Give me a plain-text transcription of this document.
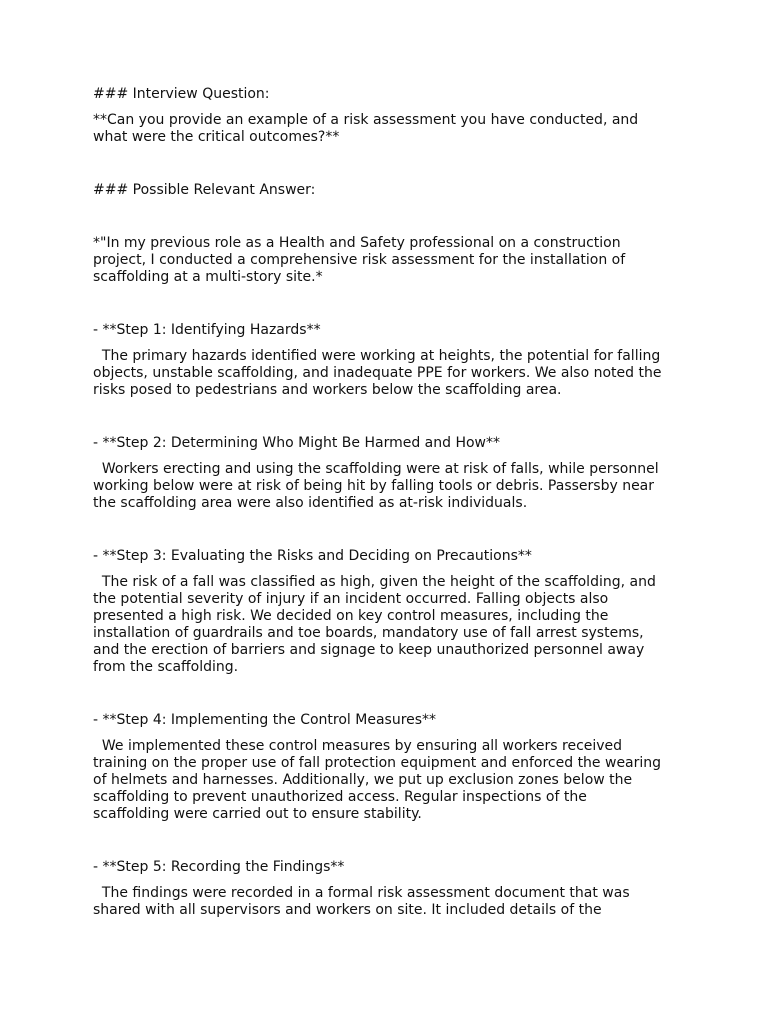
### Interview Question:
**Can you provide an example of a risk assessment you have conducted, and
what were the critical outcomes?**
### Possible Relevant Answer:
*"In my previous role as a Health and Safety professional on a construction
project, I conducted a comprehensive risk assessment for the installation of
scaffolding at a multi-story site.*
- **Step 1: Identifying Hazards**
The primary hazards identified were working at heights, the potential for falling
objects, unstable scaffolding, and inadequate PPE for workers. We also noted the
risks posed to pedestrians and workers below the scaffolding area.
- **Step 2: Determining Who Might Be Harmed and How**
Workers erecting and using the scaffolding were at risk of falls, while personnel
working below were at risk of being hit by falling tools or debris. Passersby near
the scaffolding area were also identified as at-risk individuals.
- **Step 3: Evaluating the Risks and Deciding on Precautions**
The risk of a fall was classified as high, given the height of the scaffolding, and
the potential severity of injury if an incident occurred. Falling objects also
presented a high risk. We decided on key control measures, including the
installation of guardrails and toe boards, mandatory use of fall arrest systems,
and the erection of barriers and signage to keep unauthorized personnel away
from the scaffolding.
- **Step 4: Implementing the Control Measures**
We implemented these control measures by ensuring all workers received
training on the proper use of fall protection equipment and enforced the wearing
of helmets and harnesses. Additionally, we put up exclusion zones below the
scaffolding to prevent unauthorized access. Regular inspections of the
scaffolding were carried out to ensure stability.
- **Step 5: Recording the Findings**
The findings were recorded in a formal risk assessment document that was
shared with all supervisors and workers on site. It included details of the
